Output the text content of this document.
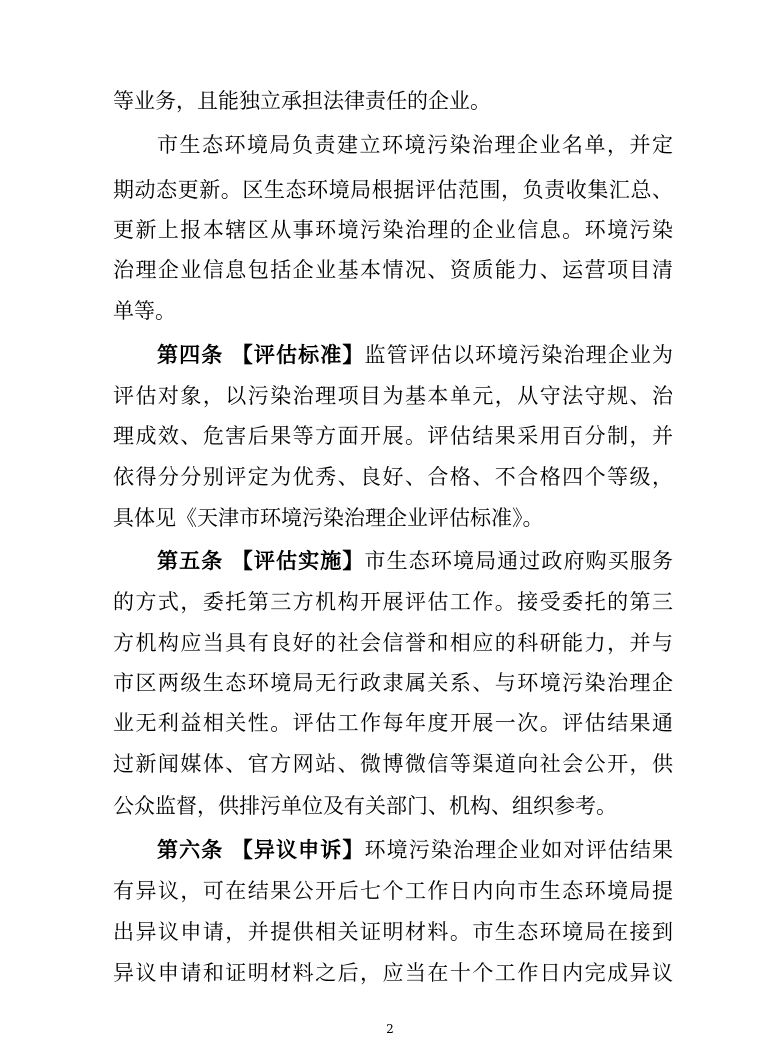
等业务，且能独立承担法律责任的企业。
市生态环境局负责建立环境污染治理企业名单，并定
期动态更新。区生态环境局根据评估范围，负责收集汇总、
更新上报本辖区从事环境污染治理的企业信息。环境污染
治理企业信息包括企业基本情况、资质能力、运营项目清
单等。
第四条 【评估标准】监管评估以环境污染治理企业为
评估对象，以污染治理项目为基本单元，从守法守规、治
理成效、危害后果等方面开展。评估结果采用百分制，并
依得分分别评定为优秀、良好、合格、不合格四个等级，
具体见《天津市环境污染治理企业评估标准》。
第五条 【评估实施】市生态环境局通过政府购买服务
的方式，委托第三方机构开展评估工作。接受委托的第三
方机构应当具有良好的社会信誉和相应的科研能力，并与
市区两级生态环境局无行政隶属关系、与环境污染治理企
业无利益相关性。评估工作每年度开展一次。评估结果通
过新闻媒体、官方网站、微博微信等渠道向社会公开，供
公众监督，供排污单位及有关部门、机构、组织参考。
第六条 【异议申诉】环境污染治理企业如对评估结果
有异议，可在结果公开后七个工作日内向市生态环境局提
出异议申请，并提供相关证明材料。市生态环境局在接到
异议申请和证明材料之后，应当在十个工作日内完成异议
2
